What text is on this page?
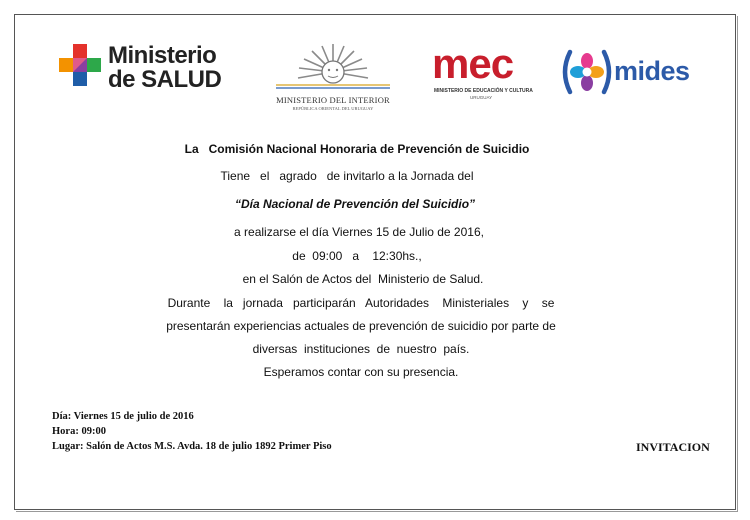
Ministerio
de SALUD
MINISTERIO DEL INTERIOR
REPÚBLICA ORIENTAL DEL URUGUAY
mec
MINISTERIO DE EDUCACIÓN Y CULTURA
URUGUAY
mides
La   Comisión Nacional Honoraria de Prevención de Suicidio
Tiene   el   agrado   de invitarlo a la Jornada del
“Día Nacional de Prevención del Suicidio”
a realizarse el día Viernes 15 de Julio de 2016,
de  09:00   a    12:30hs.,
en el Salón de Actos del  Ministerio de Salud.
Durante    la   jornada   participarán   Autoridades    Ministeriales    y    se
presentarán experiencias actuales de prevención de suicidio por parte de
diversas  instituciones  de  nuestro  país.
Esperamos contar con su presencia.
Día: Viernes 15 de julio de 2016
Hora: 09:00
Lugar: Salón de Actos M.S. Avda. 18 de julio 1892 Primer Piso	INVITACION
